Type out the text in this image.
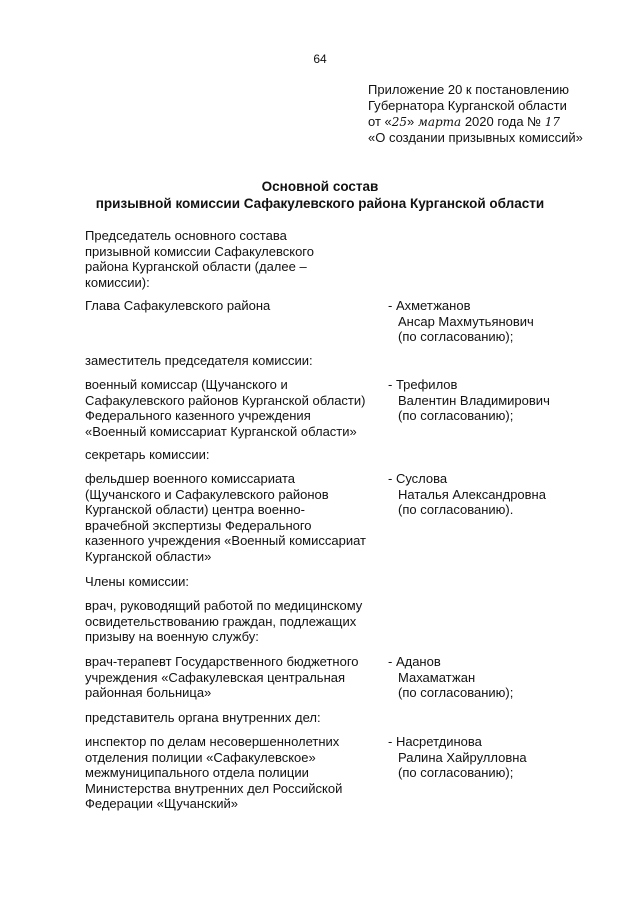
64
Приложение 20 к постановлению
Губернатора Курганской области
от «25» марта 2020 года № 17
«О создании призывных комиссий»
Основной состав
призывной комиссии Сафакулевского района Курганской области
Председатель основного состава
призывной комиссии Сафакулевского
района Курганской области (далее –
комиссии):
Глава Сафакулевского района	- Ахметжанов
Ансар Махмутьянович
(по согласованию);
заместитель председателя комиссии:
военный комиссар (Щучанского и
Сафакулевского районов Курганской области)
Федерального казенного учреждения
«Военный комиссариат Курганской области»
- Трефилов
Валентин Владимирович
(по согласованию);
секретарь комиссии:
фельдшер военного комиссариата
(Щучанского и Сафакулевского районов
Курганской области) центра военно-
врачебной экспертизы Федерального
казенного учреждения «Военный комиссариат
Курганской области»
- Суслова
Наталья Александровна
(по согласованию).
Члены комиссии:
врач, руководящий работой по медицинскому
освидетельствованию граждан, подлежащих
призыву на военную службу:
врач-терапевт Государственного бюджетного
учреждения «Сафакулевская центральная
районная больница»
- Аданов
Махаматжан
(по согласованию);
представитель органа внутренних дел:
инспектор по делам несовершеннолетних
отделения полиции «Сафакулевское»
межмуниципального отдела полиции
Министерства внутренних дел Российской
Федерации «Щучанский»
- Насретдинова
Ралина Хайрулловна
(по согласованию);
